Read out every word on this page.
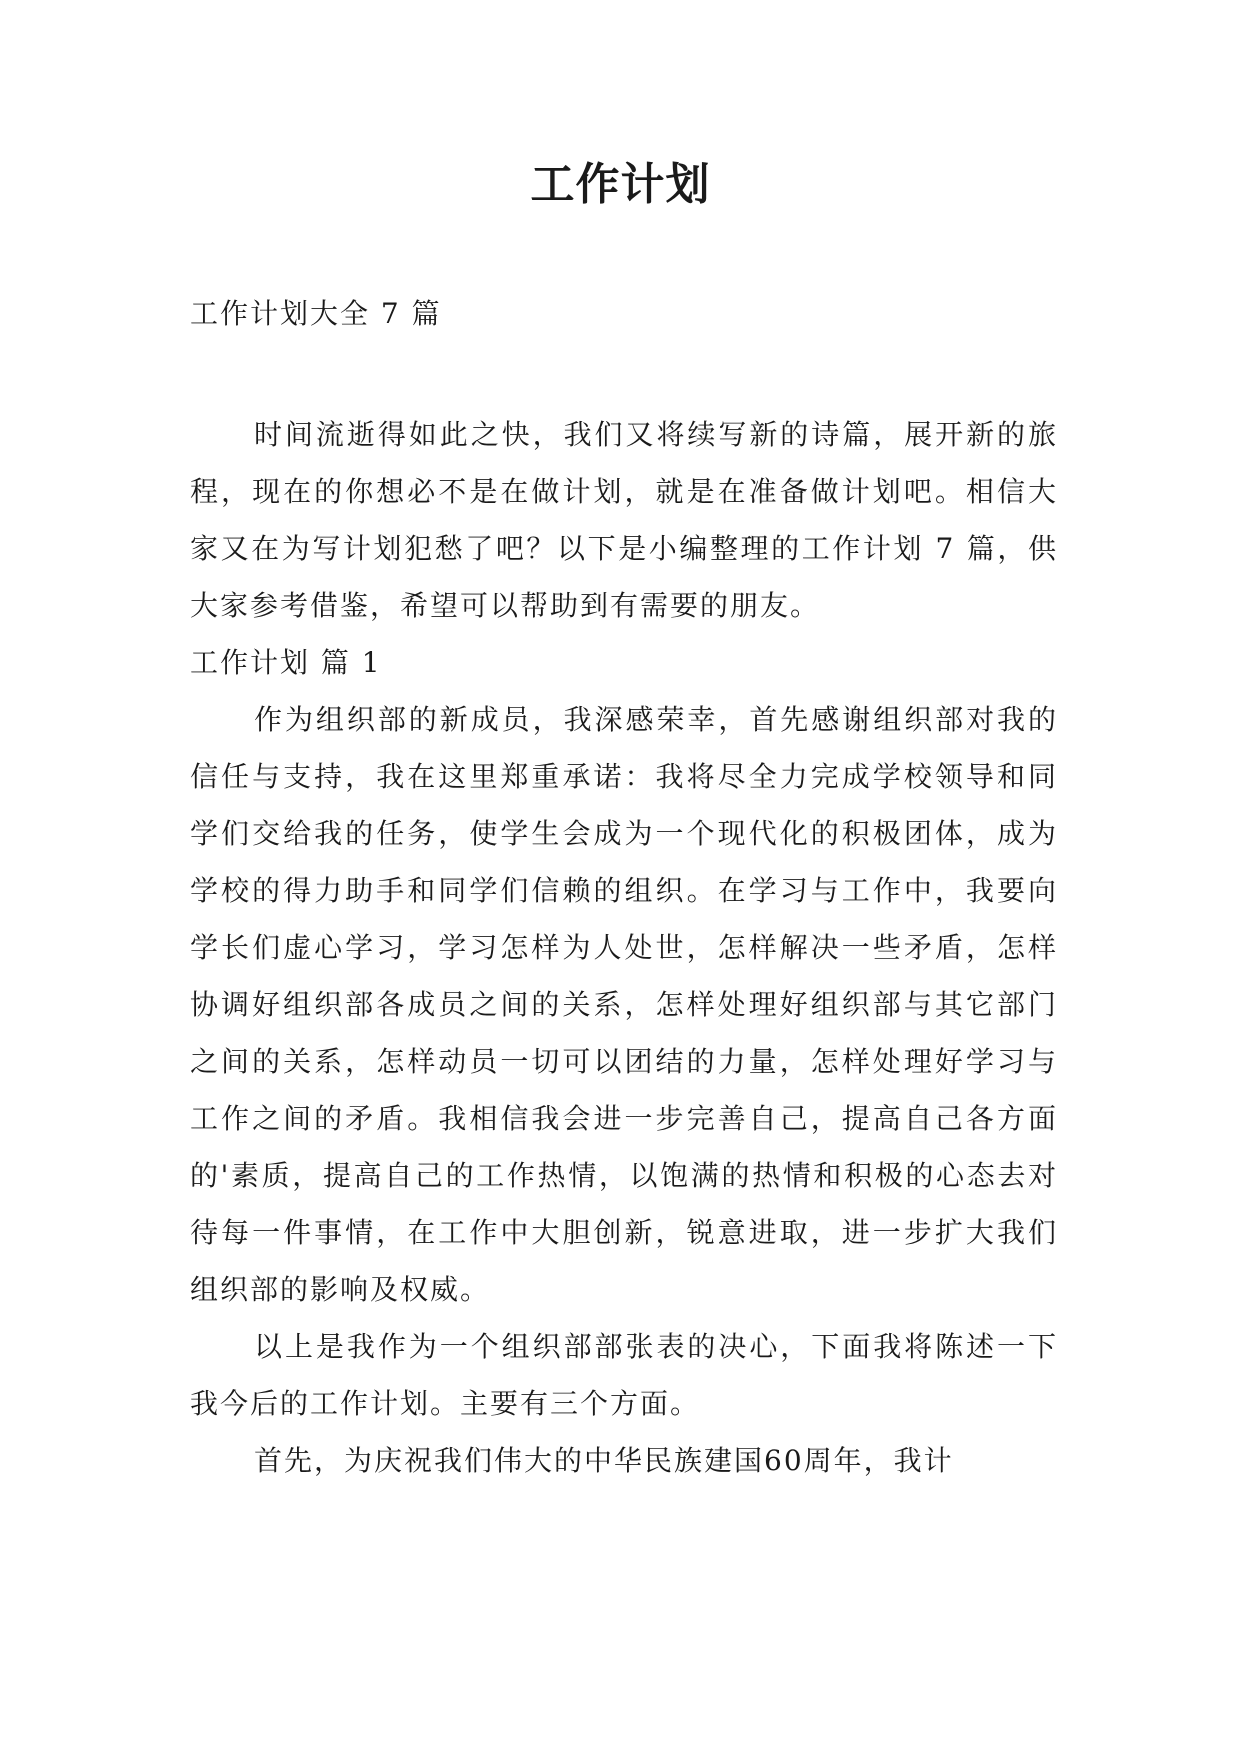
工作计划

工作计划大全 7 篇

时间流逝得如此之快，我们又将续写新的诗篇，展开新的旅程，现在的你想必不是在做计划，就是在准备做计划吧。相信大家又在为写计划犯愁了吧？以下是小编整理的工作计划 7 篇，供大家参考借鉴，希望可以帮助到有需要的朋友。

工作计划 篇 1

作为组织部的新成员，我深感荣幸，首先感谢组织部对我的信任与支持，我在这里郑重承诺：我将尽全力完成学校领导和同学们交给我的任务，使学生会成为一个现代化的积极团体，成为学校的得力助手和同学们信赖的组织。在学习与工作中，我要向学长们虚心学习，学习怎样为人处世，怎样解决一些矛盾，怎样协调好组织部各成员之间的关系，怎样处理好组织部与其它部门之间的关系，怎样动员一切可以团结的力量，怎样处理好学习与工作之间的矛盾。我相信我会进一步完善自己，提高自己各方面的'素质，提高自己的工作热情，以饱满的热情和积极的心态去对待每一件事情，在工作中大胆创新，锐意进取，进一步扩大我们组织部的影响及权威。

以上是我作为一个组织部部张表的决心，下面我将陈述一下我今后的工作计划。主要有三个方面。

首先，为庆祝我们伟大的中华民族建国60周年，我计
